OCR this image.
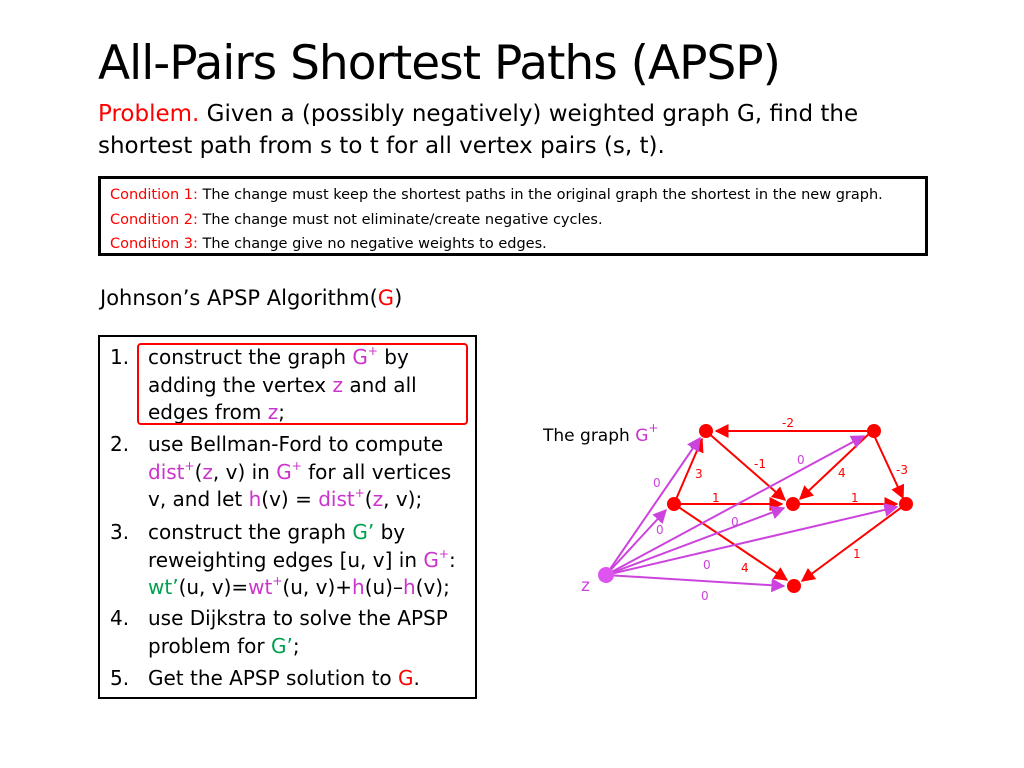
All-Pairs Shortest Paths (APSP)
Problem. Given a (possibly negatively) weighted graph G, find the
shortest path from s to t for all vertex pairs (s, t).
Condition 1: The change must keep the shortest paths in the original graph the shortest in the new graph.
Condition 2: The change must not eliminate/create negative cycles.
Condition 3: The change give no negative weights to edges.
Johnson’s APSP Algorithm(G)
1. construct the graph G+ by
adding the vertex z and all
edges from z;
2. use Bellman-Ford to compute
dist+(z, v) in G+ for all vertices
v, and let h(v) = dist+(z, v);
3. construct the graph G’ by
reweighting edges [u, v] in G+:
wt’(u, v)=wt+(u, v)+h(u)–h(v);
4. use Dijkstra to solve the APSP
problem for G’;
5. Get the APSP solution to G.
The graph G+	-2
-1
4	-3
3
1	1
4
1
0
0
0
0
0
0
z
